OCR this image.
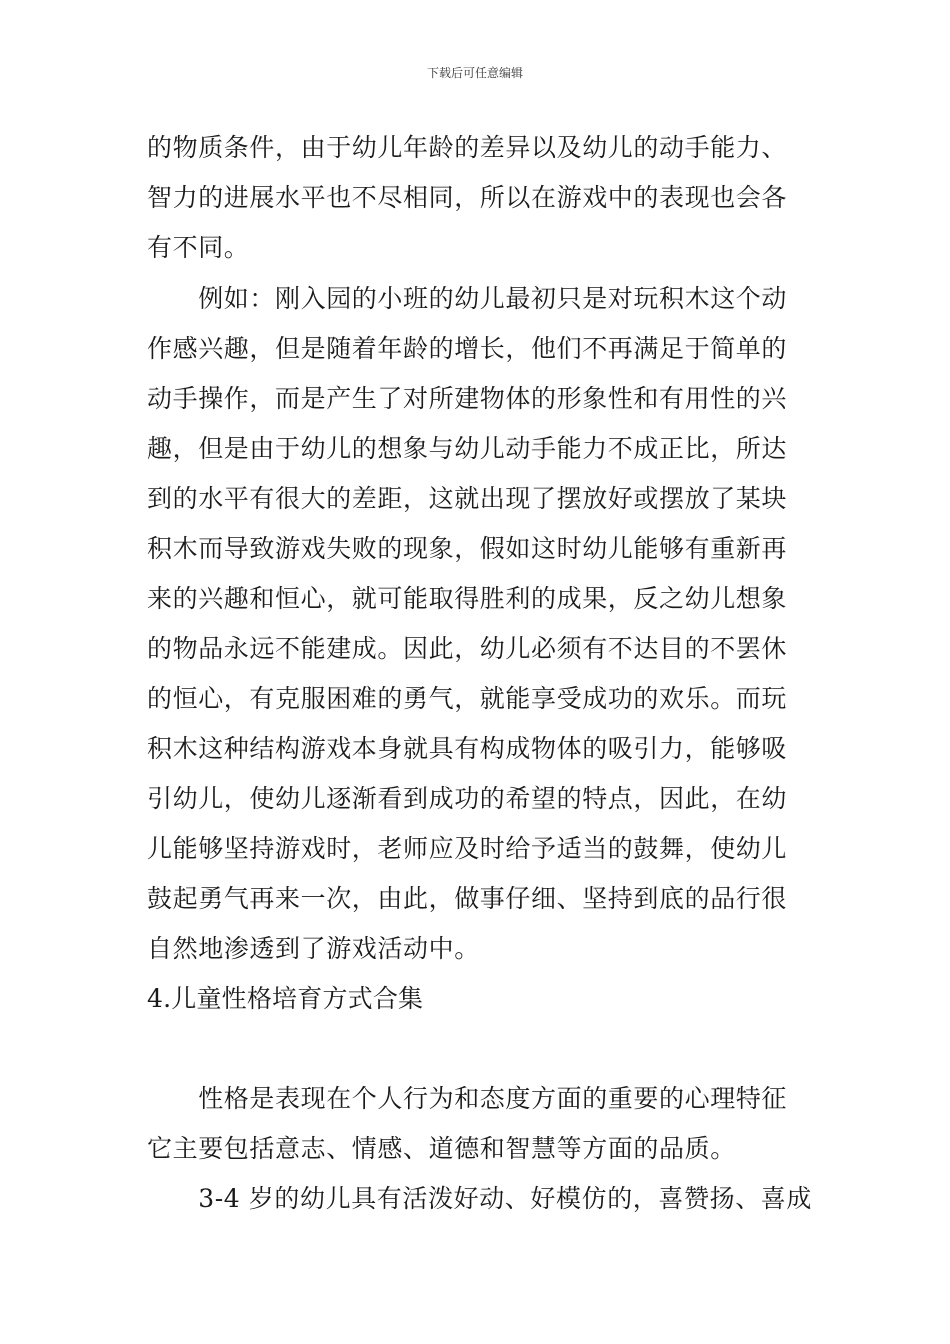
下载后可任意编辑
的物质条件，由于幼儿年龄的差异以及幼儿的动手能力、
智力的进展水平也不尽相同，所以在游戏中的表现也会各
有不同。
　　例如：刚入园的小班的幼儿最初只是对玩积木这个动
作感兴趣，但是随着年龄的增长，他们不再满足于简单的
动手操作，而是产生了对所建物体的形象性和有用性的兴
趣，但是由于幼儿的想象与幼儿动手能力不成正比，所达
到的水平有很大的差距，这就出现了摆放好或摆放了某块
积木而导致游戏失败的现象，假如这时幼儿能够有重新再
来的兴趣和恒心，就可能取得胜利的成果，反之幼儿想象
的物品永远不能建成。因此，幼儿必须有不达目的不罢休
的恒心，有克服困难的勇气，就能享受成功的欢乐。而玩
积木这种结构游戏本身就具有构成物体的吸引力，能够吸
引幼儿，使幼儿逐渐看到成功的希望的特点，因此，在幼
儿能够坚持游戏时，老师应及时给予适当的鼓舞，使幼儿
鼓起勇气再来一次，由此，做事仔细、坚持到底的品行很
自然地渗透到了游戏活动中。
4.儿童性格培育方式合集
　　性格是表现在个人行为和态度方面的重要的心理特征
它主要包括意志、情感、道德和智慧等方面的品质。
　　3-4 岁的幼儿具有活泼好动、好模仿的，喜赞扬、喜成
